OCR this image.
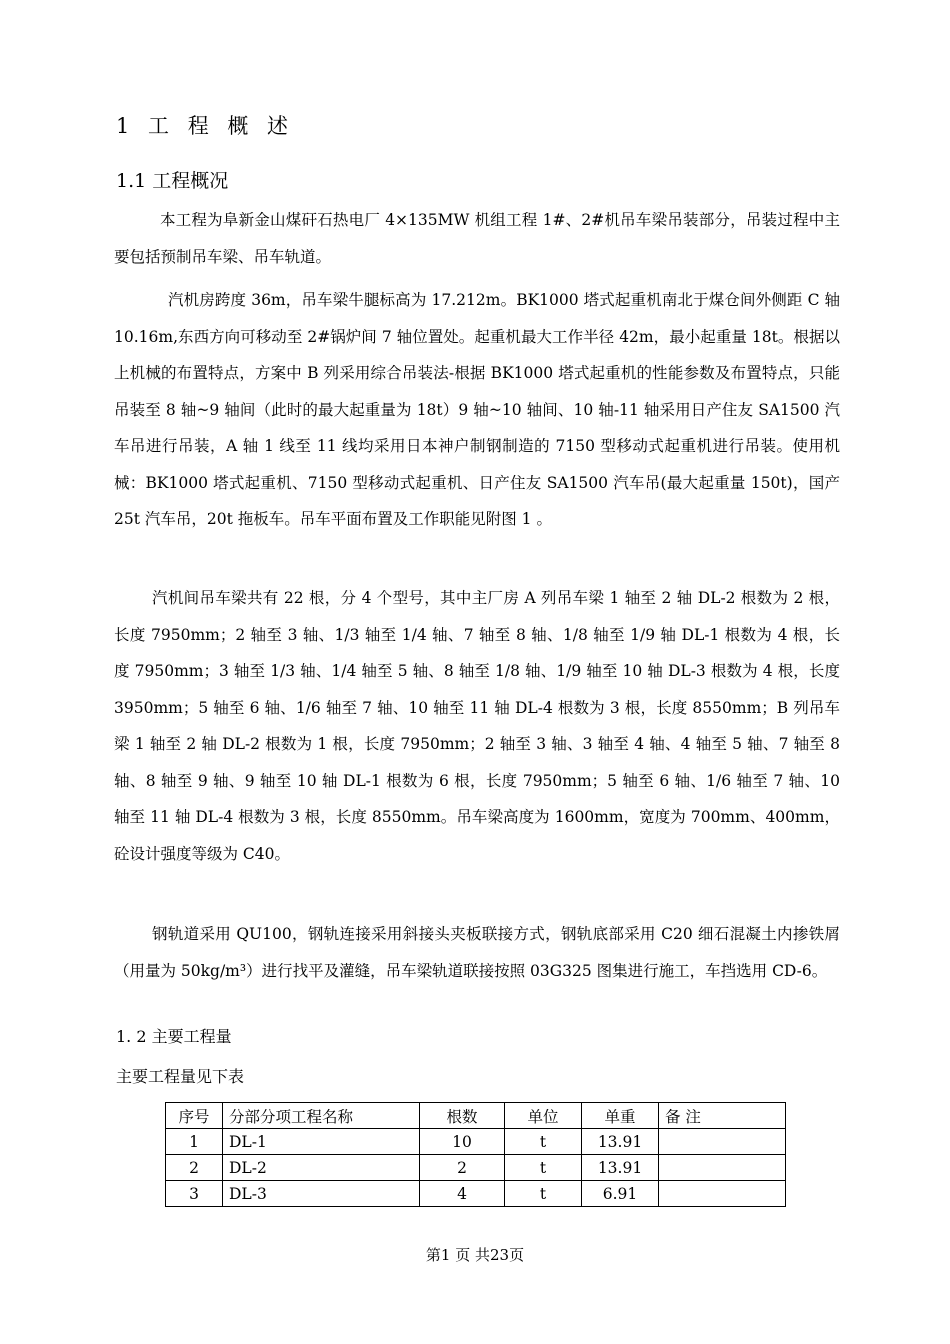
1 工 程 概 述
1.1 工程概况
本工程为阜新金山煤矸石热电厂 4×135MW 机组工程 1#、2#机吊车梁吊装部分，吊装过程中主要包括预制吊车梁、吊车轨道。
汽机房跨度 36m，吊车梁牛腿标高为 17.212m。BK1000 塔式起重机南北于煤仓间外侧距 C 轴 10.16m,东西方向可移动至 2#锅炉间 7 轴位置处。起重机最大工作半径 42m，最小起重量 18t。根据以上机械的布置特点，方案中 B 列采用综合吊装法-根据 BK1000 塔式起重机的性能参数及布置特点，只能吊装至 8 轴~9 轴间（此时的最大起重量为 18t）9 轴~10 轴间、10 轴-11 轴采用日产住友 SA1500 汽车吊进行吊装，A 轴 1 线至 11 线均采用日本神户制钢制造的 7150 型移动式起重机进行吊装。使用机械：BK1000 塔式起重机、7150 型移动式起重机、日产住友 SA1500 汽车吊(最大起重量 150t)，国产 25t 汽车吊，20t 拖板车。吊车平面布置及工作职能见附图 1 。
汽机间吊车梁共有 22 根，分 4 个型号，其中主厂房 A 列吊车梁 1 轴至 2 轴 DL-2 根数为 2 根，长度 7950mm；2 轴至 3 轴、1/3 轴至 1/4 轴、7 轴至 8 轴、1/8 轴至 1/9 轴 DL-1 根数为 4 根，长度 7950mm；3 轴至 1/3 轴、1/4 轴至 5 轴、8 轴至 1/8 轴、1/9 轴至 10 轴 DL-3 根数为 4 根，长度 3950mm；5 轴至 6 轴、1/6 轴至 7 轴、10 轴至 11 轴 DL-4 根数为 3 根，长度 8550mm；B 列吊车梁 1 轴至 2 轴 DL-2 根数为 1 根，长度 7950mm；2 轴至 3 轴、3 轴至 4 轴、4 轴至 5 轴、7 轴至 8 轴、8 轴至 9 轴、9 轴至 10 轴 DL-1 根数为 6 根，长度 7950mm；5 轴至 6 轴、1/6 轴至 7 轴、10 轴至 11 轴 DL-4 根数为 3 根，长度 8550mm。吊车梁高度为 1600mm，宽度为 700mm、400mm，砼设计强度等级为 C40。
钢轨道采用 QU100，钢轨连接采用斜接头夹板联接方式，钢轨底部采用 C20 细石混凝土内掺铁屑（用量为 50kg/m³）进行找平及灌缝，吊车梁轨道联接按照 03G325 图集进行施工，车挡选用 CD-6。
1. 2 主要工程量
主要工程量见下表
序号	分部分项工程名称	根数	单位	单重	备 注
1	DL-1	10	t	13.91	
2	DL-2	2	t	13.91	
3	DL-3	4	t	6.91	
第1 页 共23页
